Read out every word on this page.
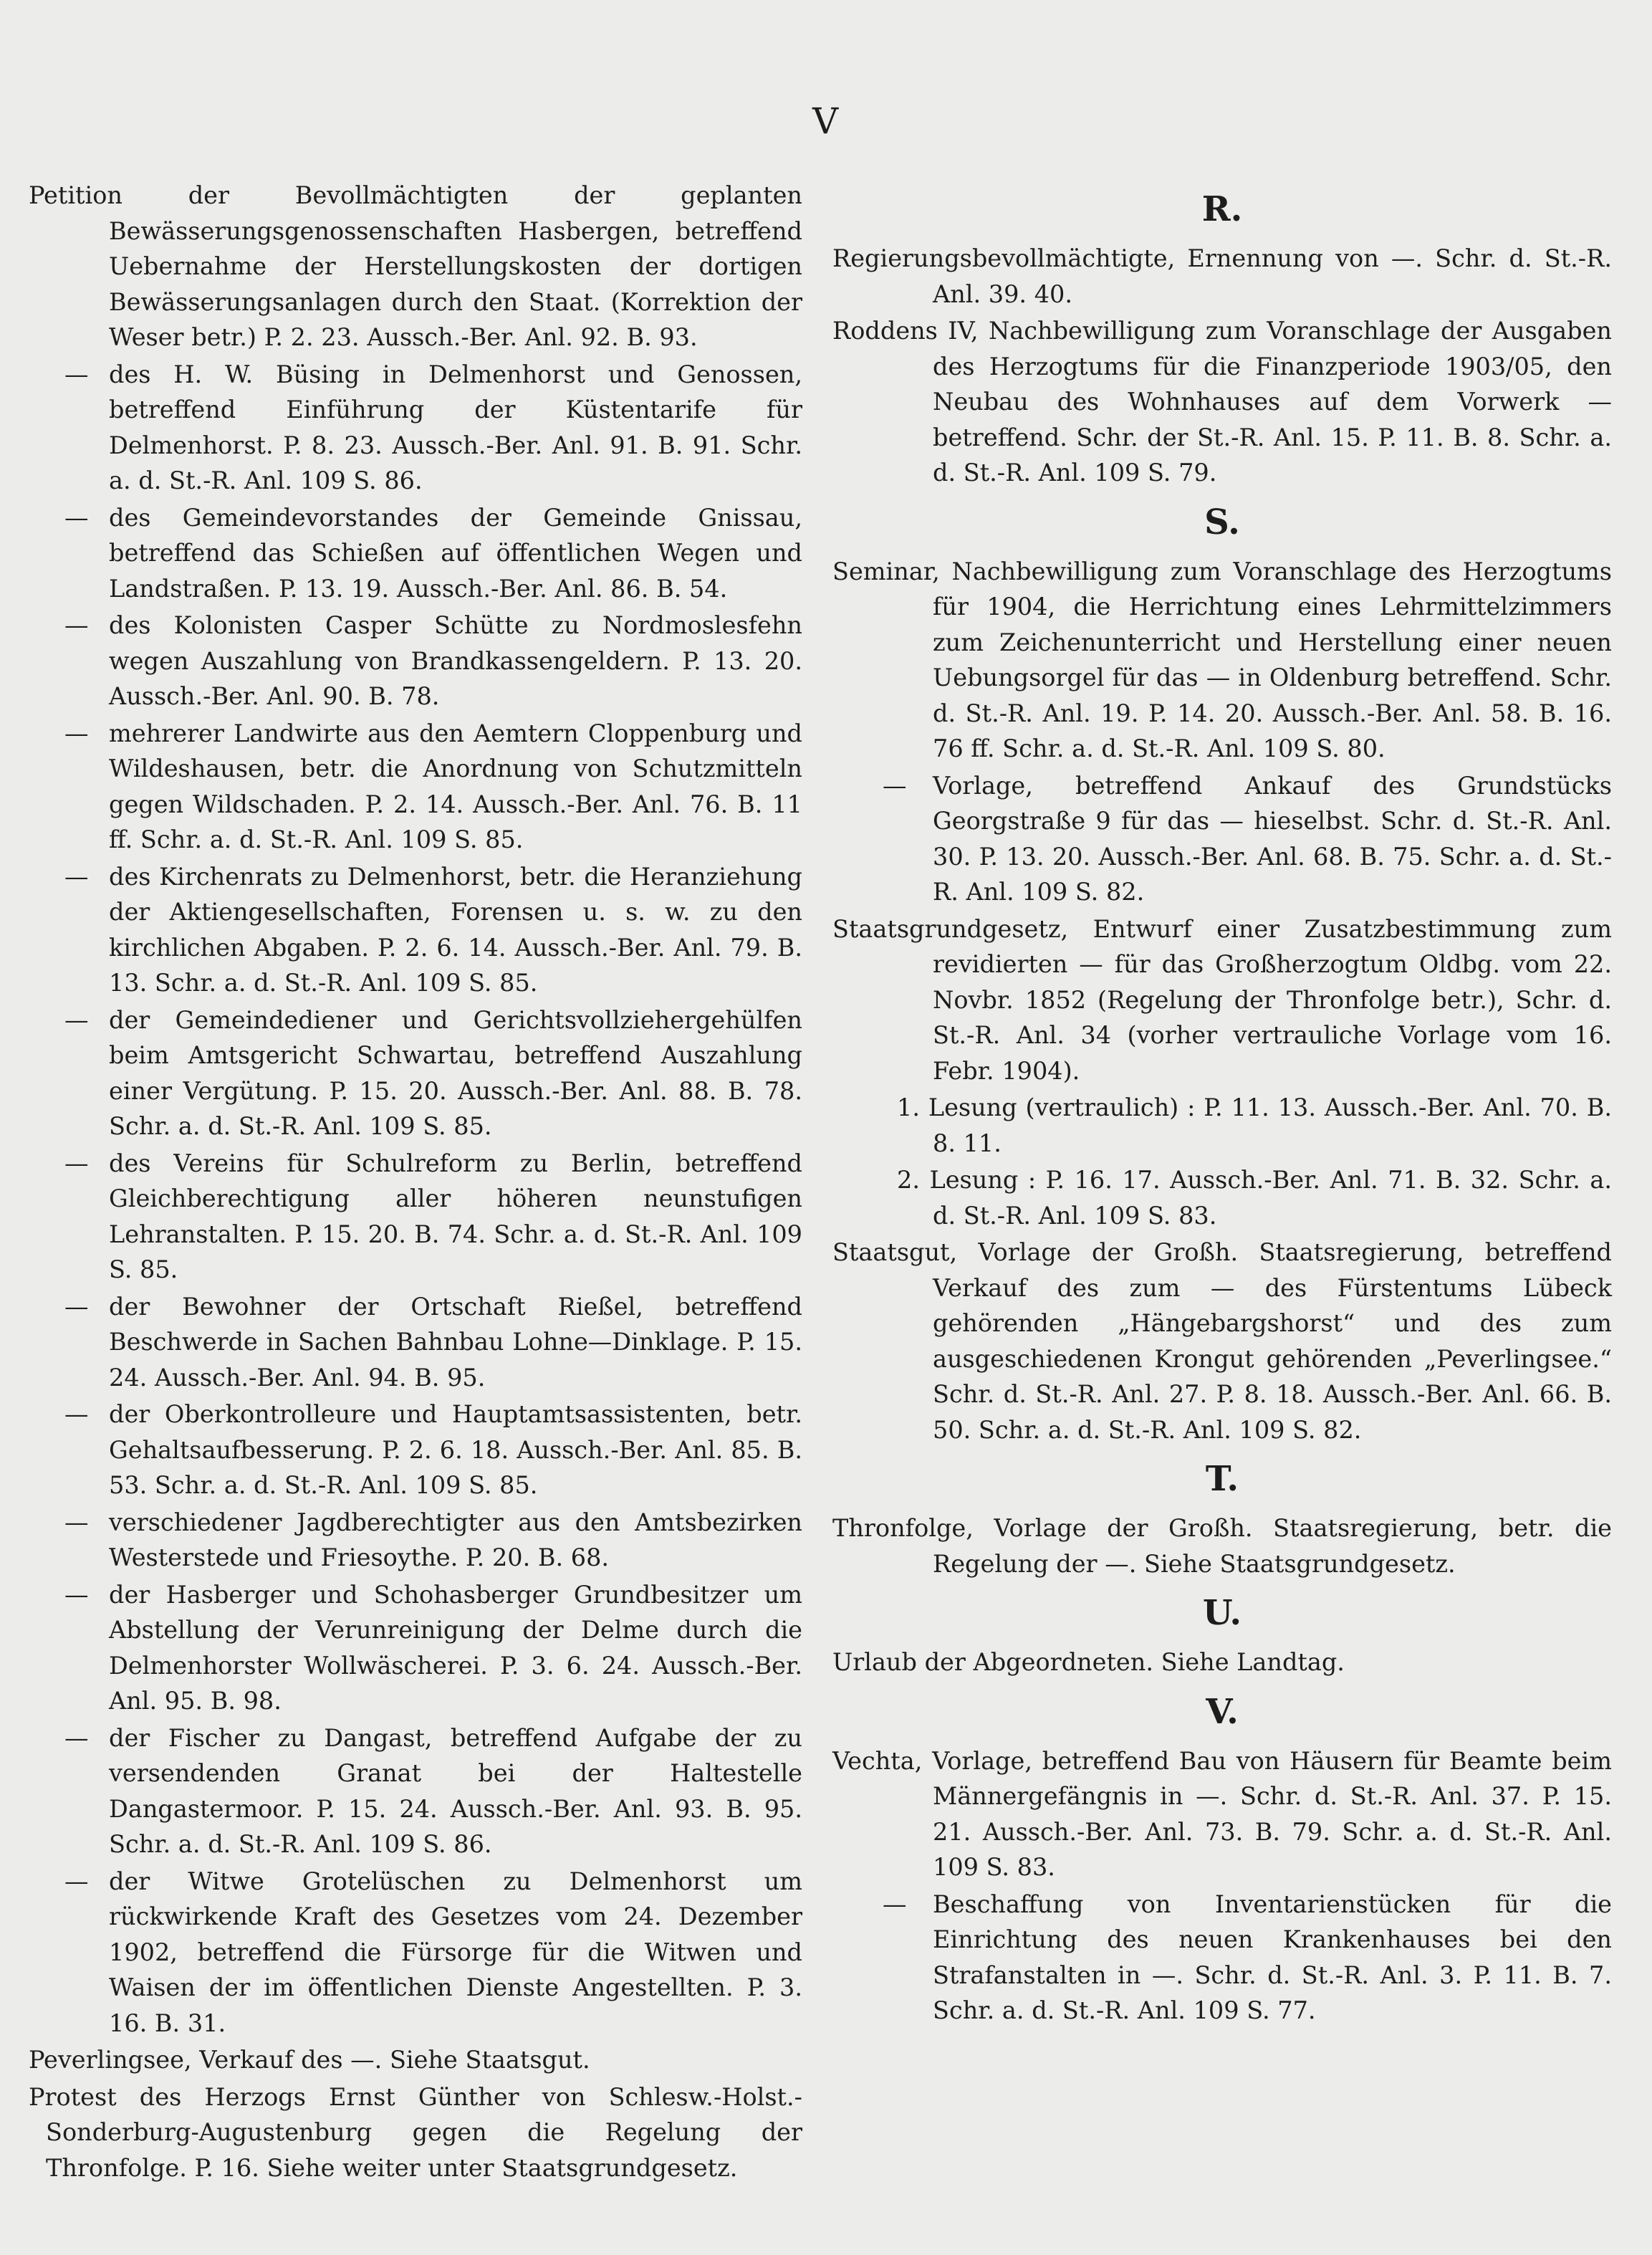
V

Petition der Bevollmächtigten der geplanten Bewässerungsgenossenschaften Hasbergen, betreffend Uebernahme der Herstellungskosten der dortigen Bewässerungsanlagen durch den Staat. (Korrektion der Weser betr.) P. 2. 23. Aussch.-Ber. Anl. 92. B. 93.

— des H. W. Büsing in Delmenhorst und Genossen, betreffend Einführung der Küstentarife für Delmenhorst. P. 8. 23. Aussch.-Ber. Anl. 91. B. 91. Schr. a. d. St.-R. Anl. 109 S. 86.

— des Gemeindevorstandes der Gemeinde Gnissau, betreffend das Schießen auf öffentlichen Wegen und Landstraßen. P. 13. 19. Aussch.-Ber. Anl. 86. B. 54.

— des Kolonisten Casper Schütte zu Nordmoslesfehn wegen Auszahlung von Brandkassengeldern. P. 13. 20. Aussch.-Ber. Anl. 90. B. 78.

— mehrerer Landwirte aus den Aemtern Cloppenburg und Wildeshausen, betr. die Anordnung von Schutzmitteln gegen Wildschaden. P. 2. 14. Aussch.-Ber. Anl. 76. B. 11 ff. Schr. a. d. St.-R. Anl. 109 S. 85.

— des Kirchenrats zu Delmenhorst, betr. die Heranziehung der Aktiengesellschaften, Forensen u. s. w. zu den kirchlichen Abgaben. P. 2. 6. 14. Aussch.-Ber. Anl. 79. B. 13. Schr. a. d. St.-R. Anl. 109 S. 85.

— der Gemeindediener und Gerichtsvollziehergehülfen beim Amtsgericht Schwartau, betreffend Auszahlung einer Vergütung. P. 15. 20. Aussch.-Ber. Anl. 88. B. 78. Schr. a. d. St.-R. Anl. 109 S. 85.

— des Vereins für Schulreform zu Berlin, betreffend Gleichberechtigung aller höheren neunstufigen Lehranstalten. P. 15. 20. B. 74. Schr. a. d. St.-R. Anl. 109 S. 85.

— der Bewohner der Ortschaft Rießel, betreffend Beschwerde in Sachen Bahnbau Lohne—Dinklage. P. 15. 24. Aussch.-Ber. Anl. 94. B. 95.

— der Oberkontrolleure und Hauptamtsassistenten, betr. Gehaltsaufbesserung. P. 2. 6. 18. Aussch.-Ber. Anl. 85. B. 53. Schr. a. d. St.-R. Anl. 109 S. 85.

— verschiedener Jagdberechtigter aus den Amtsbezirken Westerstede und Friesoythe. P. 20. B. 68.

— der Hasberger und Schohasberger Grundbesitzer um Abstellung der Verunreinigung der Delme durch die Delmenhorster Wollwäscherei. P. 3. 6. 24. Aussch.-Ber. Anl. 95. B. 98.

— der Fischer zu Dangast, betreffend Aufgabe der zu versendenden Granat bei der Haltestelle Dangastermoor. P. 15. 24. Aussch.-Ber. Anl. 93. B. 95. Schr. a. d. St.-R. Anl. 109 S. 86.

— der Witwe Grotelüschen zu Delmenhorst um rückwirkende Kraft des Gesetzes vom 24. Dezember 1902, betreffend die Fürsorge für die Witwen und Waisen der im öffentlichen Dienste Angestellten. P. 3. 16. B. 31.

Peverlingsee, Verkauf des —. Siehe Staatsgut.

Protest des Herzogs Ernst Günther von Schlesw.-Holst.-Sonderburg-Augustenburg gegen die Regelung der Thronfolge. P. 16. Siehe weiter unter Staatsgrundgesetz.

R.

Regierungsbevollmächtigte, Ernennung von —. Schr. d. St.-R. Anl. 39. 40.

Roddens IV, Nachbewilligung zum Voranschlage der Ausgaben des Herzogtums für die Finanzperiode 1903/05, den Neubau des Wohnhauses auf dem Vorwerk — betreffend. Schr. der St.-R. Anl. 15. P. 11. B. 8. Schr. a. d. St.-R. Anl. 109 S. 79.

S.

Seminar, Nachbewilligung zum Voranschlage des Herzogtums für 1904, die Herrichtung eines Lehrmittelzimmers zum Zeichenunterricht und Herstellung einer neuen Uebungsorgel für das — in Oldenburg betreffend. Schr. d. St.-R. Anl. 19. P. 14. 20. Aussch.-Ber. Anl. 58. B. 16. 76 ff. Schr. a. d. St.-R. Anl. 109 S. 80.

— Vorlage, betreffend Ankauf des Grundstücks Georgstraße 9 für das — hieselbst. Schr. d. St.-R. Anl. 30. P. 13. 20. Aussch.-Ber. Anl. 68. B. 75. Schr. a. d. St.-R. Anl. 109 S. 82.

Staatsgrundgesetz, Entwurf einer Zusatzbestimmung zum revidierten — für das Großherzogtum Oldbg. vom 22. Novbr. 1852 (Regelung der Thronfolge betr.), Schr. d. St.-R. Anl. 34 (vorher vertrauliche Vorlage vom 16. Febr. 1904).

1. Lesung (vertraulich) : P. 11. 13. Aussch.-Ber. Anl. 70. B. 8. 11.

2. Lesung : P. 16. 17. Aussch.-Ber. Anl. 71. B. 32. Schr. a. d. St.-R. Anl. 109 S. 83.

Staatsgut, Vorlage der Großh. Staatsregierung, betreffend Verkauf des zum — des Fürstentums Lübeck gehörenden „Hängebargshorst“ und des zum ausgeschiedenen Krongut gehörenden „Peverlingsee.“ Schr. d. St.-R. Anl. 27. P. 8. 18. Aussch.-Ber. Anl. 66. B. 50. Schr. a. d. St.-R. Anl. 109 S. 82.

T.

Thronfolge, Vorlage der Großh. Staatsregierung, betr. die Regelung der —. Siehe Staatsgrundgesetz.

U.

Urlaub der Abgeordneten. Siehe Landtag.

V.

Vechta, Vorlage, betreffend Bau von Häusern für Beamte beim Männergefängnis in —. Schr. d. St.-R. Anl. 37. P. 15. 21. Aussch.-Ber. Anl. 73. B. 79. Schr. a. d. St.-R. Anl. 109 S. 83.

— Beschaffung von Inventarienstücken für die Einrichtung des neuen Krankenhauses bei den Strafanstalten in —. Schr. d. St.-R. Anl. 3. P. 11. B. 7. Schr. a. d. St.-R. Anl. 109 S. 77.
